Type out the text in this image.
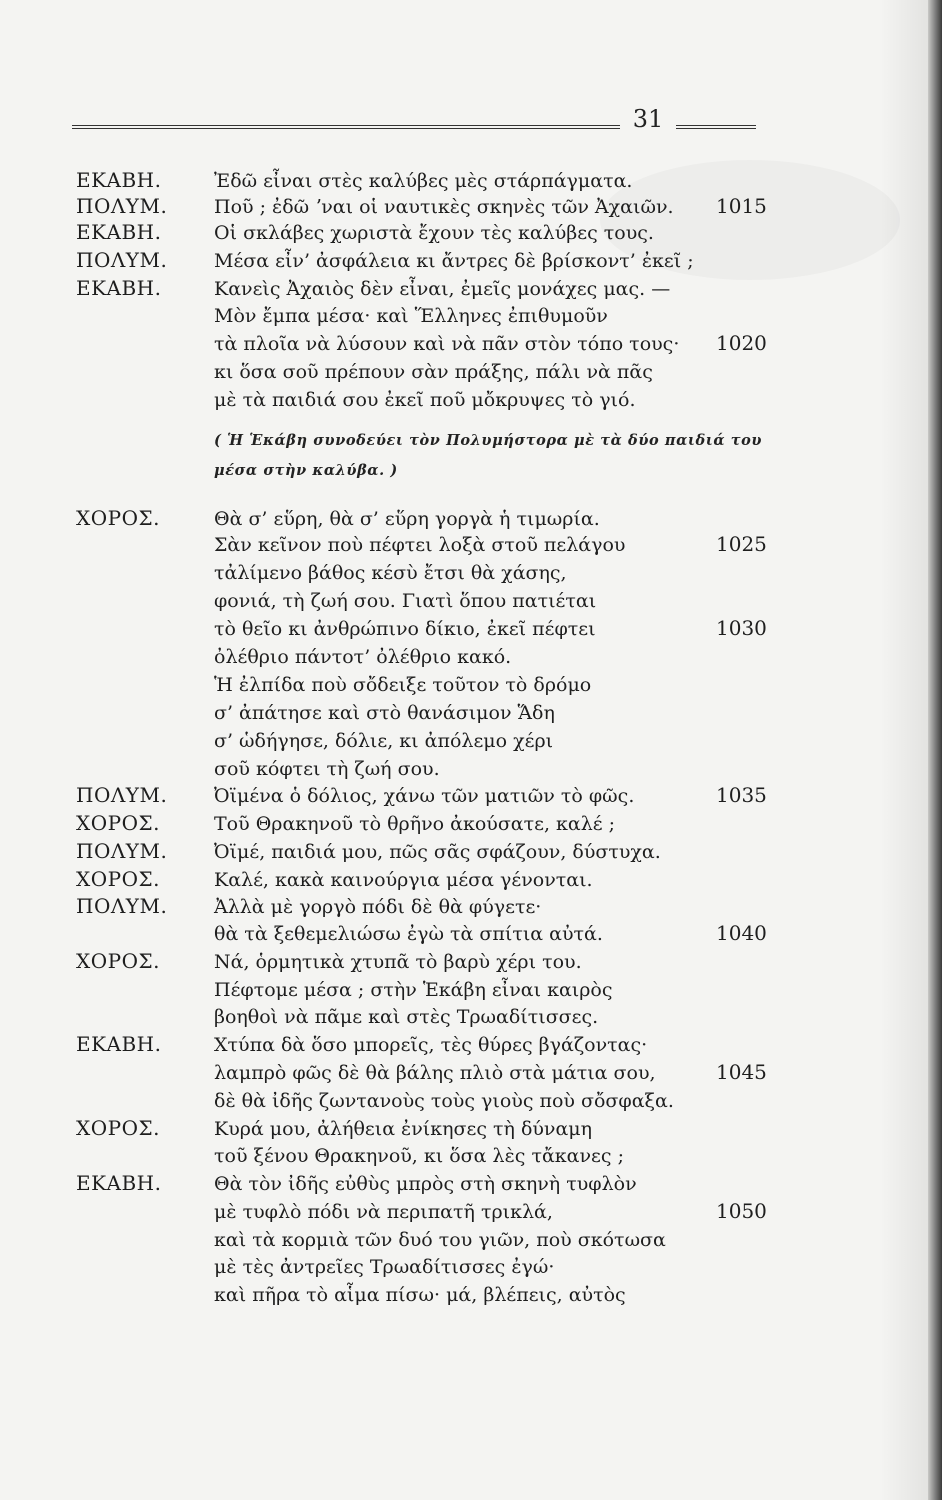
31
ΕΚΑΒΗ.	Ἐδῶ εἶναι στὲς καλύβες μὲς στάρπάγματα.
ΠΟΛΥΜ. Ποῦ ; ἐδῶ ʼναι οἱ ναυτικὲς σκηνὲς τῶν Ἀχαιῶν. 1015
ΕΚΑΒΗ.	Οἱ σκλάβες χωριστὰ ἔχουν τὲς καλύβες τους.
ΠΟΛΥΜ. Μέσα εἶν’ ἀσφάλεια κι ἄντρες δὲ βρίσκοντ’ ἐκεῖ ;
ΕΚΑΒΗ.	Κανεὶς Ἀχαιὸς δὲν εἶναι, ἐμεῖς μονάχες μας. —
Μὸν ἔμπα μέσα· καὶ Ἕλληνες ἐπιθυμοῦν
τὰ πλοῖα νὰ λύσουν καὶ νὰ πᾶν στὸν τόπο τους· 1020
κι ὅσα σοῦ πρέπουν σὰν πράξης, πάλι νὰ πᾶς
μὲ τὰ παιδιά σου ἐκεῖ ποῦ μὄκρυψες τὸ γιό.
( Ἡ Ἑκάβη συνοδεύει τὸν Πολυμήστορα μὲ τὰ δύο παιδιά του
μέσα στὴν καλύβα. )
ΧΟΡΟΣ.	Θὰ σ’ εὕρη, θὰ σ’ εὕρη γοργὰ ἡ τιμωρία.
Σὰν κεῖνον ποὺ πέφτει λοξὰ στοῦ πελάγου	1025
τἀλίμενο βάθος κέσὺ ἔτσι θὰ χάσης,
φονιά, τὴ ζωή σου. Γιατὶ ὅπου πατιέται
τὸ θεῖο κι ἀνθρώπινο δίκιο, ἐκεῖ πέφτει	1030
ὀλέθριο πάντοτ’ ὀλέθριο κακό.
Ἡ ἐλπίδα ποὺ σὄδειξε τοῦτον τὸ δρόμο
σ’ ἀπάτησε καὶ στὸ θανάσιμον Ἅδη
σ’ ὡδήγησε, δόλιε, κι ἀπόλεμο χέρι
σοῦ κόφτει τὴ ζωή σου.
ΠΟΛΥΜ. Ὀϊμένα ὁ δόλιος, χάνω τῶν ματιῶν τὸ φῶς.	1035
ΧΟΡΟΣ.	Τοῦ Θρακηνοῦ τὸ θρῆνο ἀκούσατε, καλέ ;
ΠΟΛΥΜ. Ὀϊμέ, παιδιά μου, πῶς σᾶς σφάζουν, δύστυχα.
ΧΟΡΟΣ.	Καλέ, κακὰ καινούργια μέσα γένονται.
ΠΟΛΥΜ. Ἀλλὰ μὲ γοργὸ πόδι δὲ θὰ φύγετε·
θὰ τὰ ξεθεμελιώσω ἐγὼ τὰ σπίτια αὐτά.	1040
ΧΟΡΟΣ.	Νά, ὁρμητικὰ χτυπᾶ τὸ βαρὺ χέρι του.
Πέφτομε μέσα ; στὴν Ἑκάβη εἶναι καιρὸς
βοηθοὶ νὰ πᾶμε καὶ στὲς Τρωαδίτισσες.
ΕΚΑΒΗ.	Χτύπα δὰ ὅσο μπορεῖς, τὲς θύρες βγάζοντας·
λαμπρὸ φῶς δὲ θὰ βάλης πλιὸ στὰ μάτια σου,	1045
δὲ θὰ ἰδῆς ζωντανοὺς τοὺς γιοὺς ποὺ σὄσφαξα.
ΧΟΡΟΣ.	Κυρά μου, ἀλήθεια ἐνίκησες τὴ δύναμη
τοῦ ξένου Θρακηνοῦ, κι ὅσα λὲς τἄκανες ;
ΕΚΑΒΗ.	Θὰ τὸν ἰδῆς εὐθὺς μπρὸς στὴ σκηνὴ τυφλὸν
μὲ τυφλὸ πόδι νὰ περιπατῆ τρικλά,	1050
καὶ τὰ κορμιὰ τῶν δυό του γιῶν, ποὺ σκότωσα
μὲ τὲς ἀντρεῖες Τρωαδίτισσες ἐγώ·
καὶ πῆρα τὸ αἷμα πίσω· μά, βλέπεις, αὐτὸς
